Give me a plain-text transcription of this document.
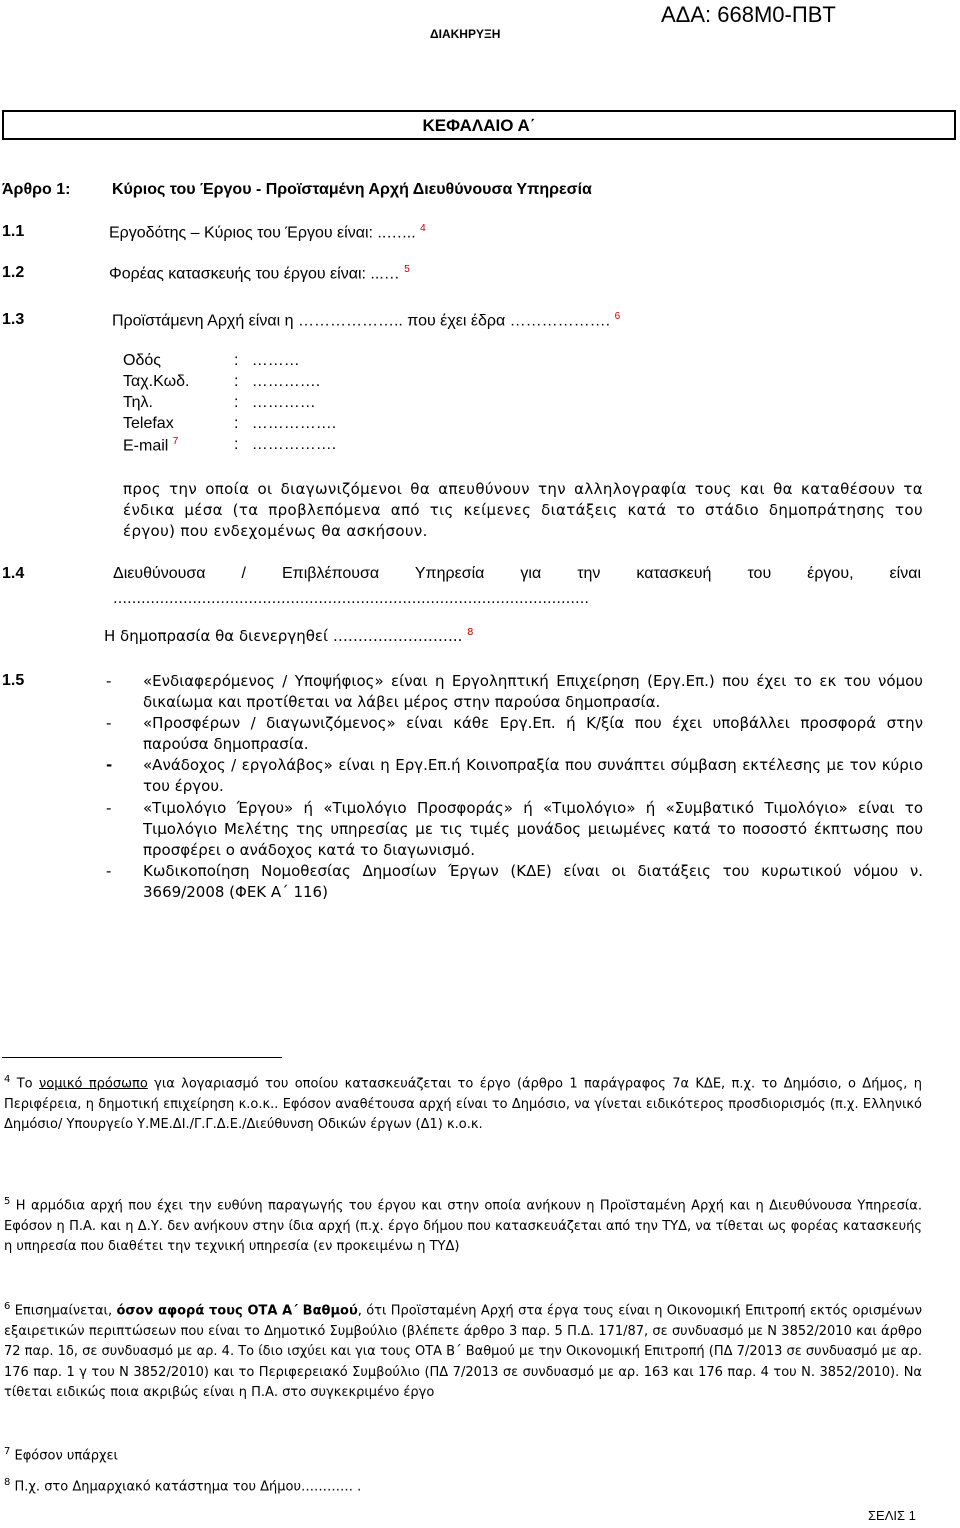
ΔΙΑΚΗΡΥΞΗ
ΑΔΑ: 668Μ0-ΠΒΤ
ΚΕΦΑΛΑΙΟ Α΄
Άρθρο 1:	Κύριος του Έργου - Προϊσταμένη Αρχή Διευθύνουσα Υπηρεσία
1.1	Εργοδότης – Κύριος του Έργου είναι: ..…... $^4$
1.2	Φορέας κατασκευής του έργου είναι: ...… $^5$
1.3	Προϊστάμενη Αρχή είναι η ……………….. που έχει έδρα ………………. $^6$
Οδός	:   ………
Ταχ.Κωδ.	:   ………….
Τηλ.	:   …………
Telefax	:   …………….
E-mail $^7$	:   …………….
προς την οποία οι διαγωνιζόμενοι θα απευθύνουν την αλληλογραφία τους και θα καταθέσουν τα ένδικα μέσα (τα προβλεπόμενα από τις κείμενες διατάξεις κατά το στάδιο δημοπράτησης του έργου) που ενδεχομένως θα ασκήσουν.
1.4	Διευθύνουσα / Επιβλέπουσα Υπηρεσία για την κατασκευή του έργου, είναι
…………………………………………………………………………………………
Η δημοπρασία θα διενεργηθεί …………………….. $^8$
1.5	- «Ενδιαφερόμενος / Υποψήφιος» είναι η Εργοληπτική Επιχείρηση (Εργ.Επ.) που έχει το εκ του νόμου δικαίωμα και προτίθεται να λάβει μέρος στην παρούσα δημοπρασία.
- «Προσφέρων / διαγωνιζόμενος» είναι κάθε Εργ.Επ. ή Κ/ξία που έχει υποβάλλει προσφορά στην παρούσα δημοπρασία.
- «Ανάδοχος / εργολάβος» είναι η Εργ.Επ.ή Κοινοπραξία που συνάπτει σύμβαση εκτέλεσης με τον κύριο του έργου.
- «Τιμολόγιο Έργου» ή «Τιμολόγιο Προσφοράς» ή «Τιμολόγιο» ή «Συμβατικό Τιμολόγιο» είναι το Τιμολόγιο Μελέτης της υπηρεσίας με τις τιμές μονάδος μειωμένες κατά το ποσοστό έκπτωσης που προσφέρει ο ανάδοχος κατά το διαγωνισμό.
- Κωδικοποίηση Νομοθεσίας Δημοσίων Έργων (ΚΔΕ) είναι οι διατάξεις του κυρωτικού νόμου ν. 3669/2008 (ΦΕΚ Α΄ 116)
$^4$ Το νομικό πρόσωπο για λογαριασμό του οποίου κατασκευάζεται το έργο (άρθρο 1 παράγραφος 7α ΚΔΕ, π.χ. το Δημόσιο, ο Δήμος, η Περιφέρεια, η δημοτική επιχείρηση κ.ο.κ.. Εφόσον αναθέτουσα αρχή είναι το Δημόσιο, να γίνεται ειδικότερος προσδιορισμός (π.χ. Ελληνικό Δημόσιο/ Υπουργείο Υ.ΜΕ.ΔΙ./Γ.Γ.Δ.Ε./Διεύθυνση Οδικών έργων (Δ1) κ.ο.κ.
$^5$ Η αρμόδια αρχή που έχει την ευθύνη παραγωγής του έργου και στην οποία ανήκουν η Προϊσταμένη Αρχή και η Διευθύνουσα Υπηρεσία. Εφόσον η Π.Α. και η Δ.Υ. δεν ανήκουν στην ίδια αρχή (π.χ. έργο δήμου που κατασκευάζεται από την ΤΥΔ, να τίθεται ως φορέας κατασκευής η υπηρεσία που διαθέτει την τεχνική υπηρεσία (εν προκειμένω η ΤΥΔ)
$^6$ Επισημαίνεται, όσον αφορά τους ΟΤΑ Α΄ Βαθμού, ότι Προϊσταμένη Αρχή στα έργα τους είναι η Οικονομική Επιτροπή εκτός ορισμένων εξαιρετικών περιπτώσεων που είναι το Δημοτικό Συμβούλιο (βλέπετε άρθρο 3 παρ. 5 Π.Δ. 171/87, σε συνδυασμό με Ν 3852/2010 και άρθρο 72 παρ. 1δ, σε συνδυασμό με αρ. 4. Το ίδιο ισχύει και για τους ΟΤΑ Β΄ Βαθμού με την Οικονομική Επιτροπή (ΠΔ 7/2013 σε συνδυασμό με αρ. 176 παρ. 1 γ του Ν 3852/2010) και το Περιφερειακό Συμβούλιο (ΠΔ 7/2013 σε συνδυασμό με αρ. 163 και 176 παρ. 4 του Ν. 3852/2010). Να τίθεται ειδικώς ποια ακριβώς είναι η Π.Α. στο συγκεκριμένο έργο
$^7$ Εφόσον υπάρχει
$^8$ Π.χ. στο Δημαρχιακό κατάστημα του Δήμου………… .
ΣΕΛΙΣ 1
